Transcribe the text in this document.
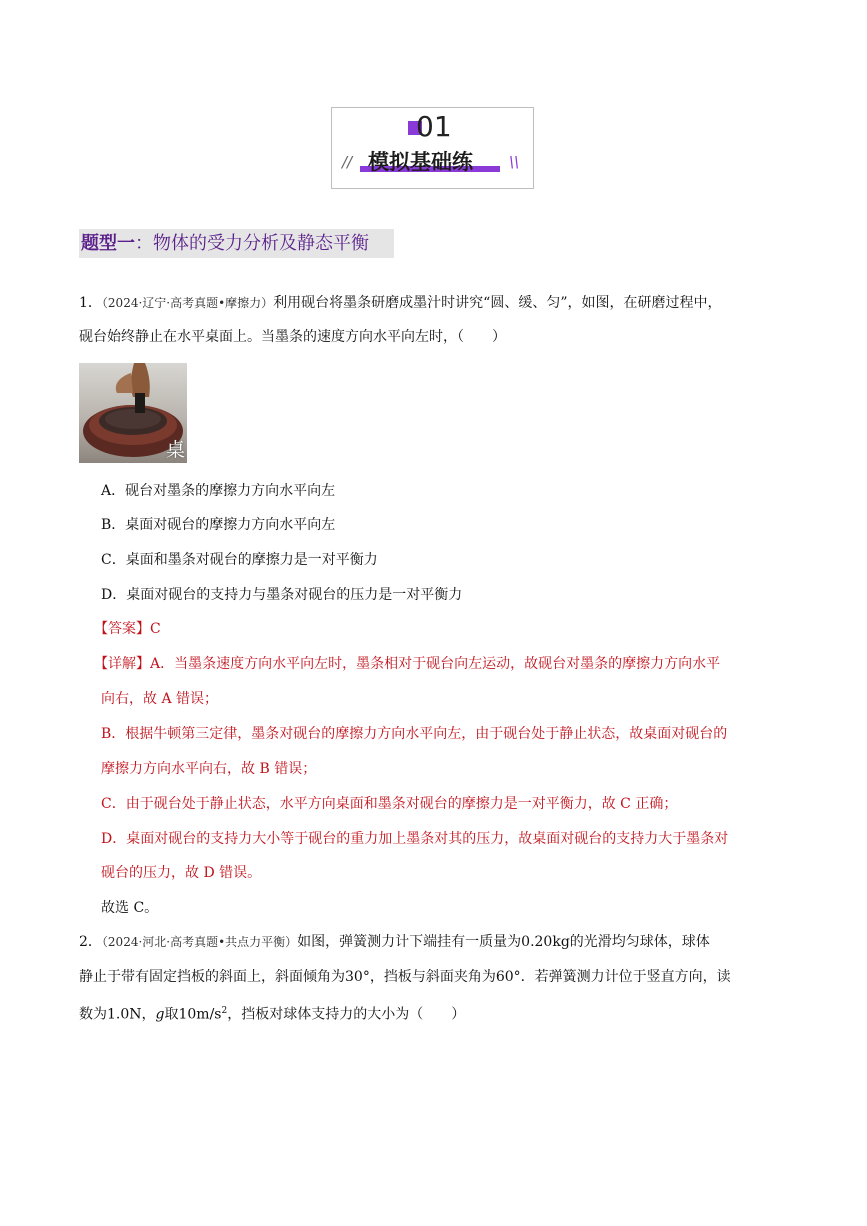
01
// 模拟基础练 \\
题型一：物体的受力分析及静态平衡
1．（2024·辽宁·高考真题•摩擦力）利用砚台将墨条研磨成墨汁时讲究“圆、缓、匀”，如图，在研磨过程中，
砚台始终静止在水平桌面上。当墨条的速度方向水平向左时，（　　）
桌
A．砚台对墨条的摩擦力方向水平向左
B．桌面对砚台的摩擦力方向水平向左
C．桌面和墨条对砚台的摩擦力是一对平衡力
D．桌面对砚台的支持力与墨条对砚台的压力是一对平衡力
【答案】C
【详解】A．当墨条速度方向水平向左时，墨条相对于砚台向左运动，故砚台对墨条的摩擦力方向水平
向右，故 A 错误；
B．根据牛顿第三定律，墨条对砚台的摩擦力方向水平向左，由于砚台处于静止状态，故桌面对砚台的
摩擦力方向水平向右，故 B 错误；
C．由于砚台处于静止状态，水平方向桌面和墨条对砚台的摩擦力是一对平衡力，故 C 正确；
D．桌面对砚台的支持力大小等于砚台的重力加上墨条对其的压力，故桌面对砚台的支持力大于墨条对
砚台的压力，故 D 错误。
故选 C。
2．（2024·河北·高考真题•共点力平衡）如图，弹簧测力计下端挂有一质量为0.20kg的光滑均匀球体，球体
静止于带有固定挡板的斜面上，斜面倾角为30°，挡板与斜面夹角为60°．若弹簧测力计位于竖直方向，读
数为1.0N，g取$10m/s^2$，挡板对球体支持力的大小为（　　）
